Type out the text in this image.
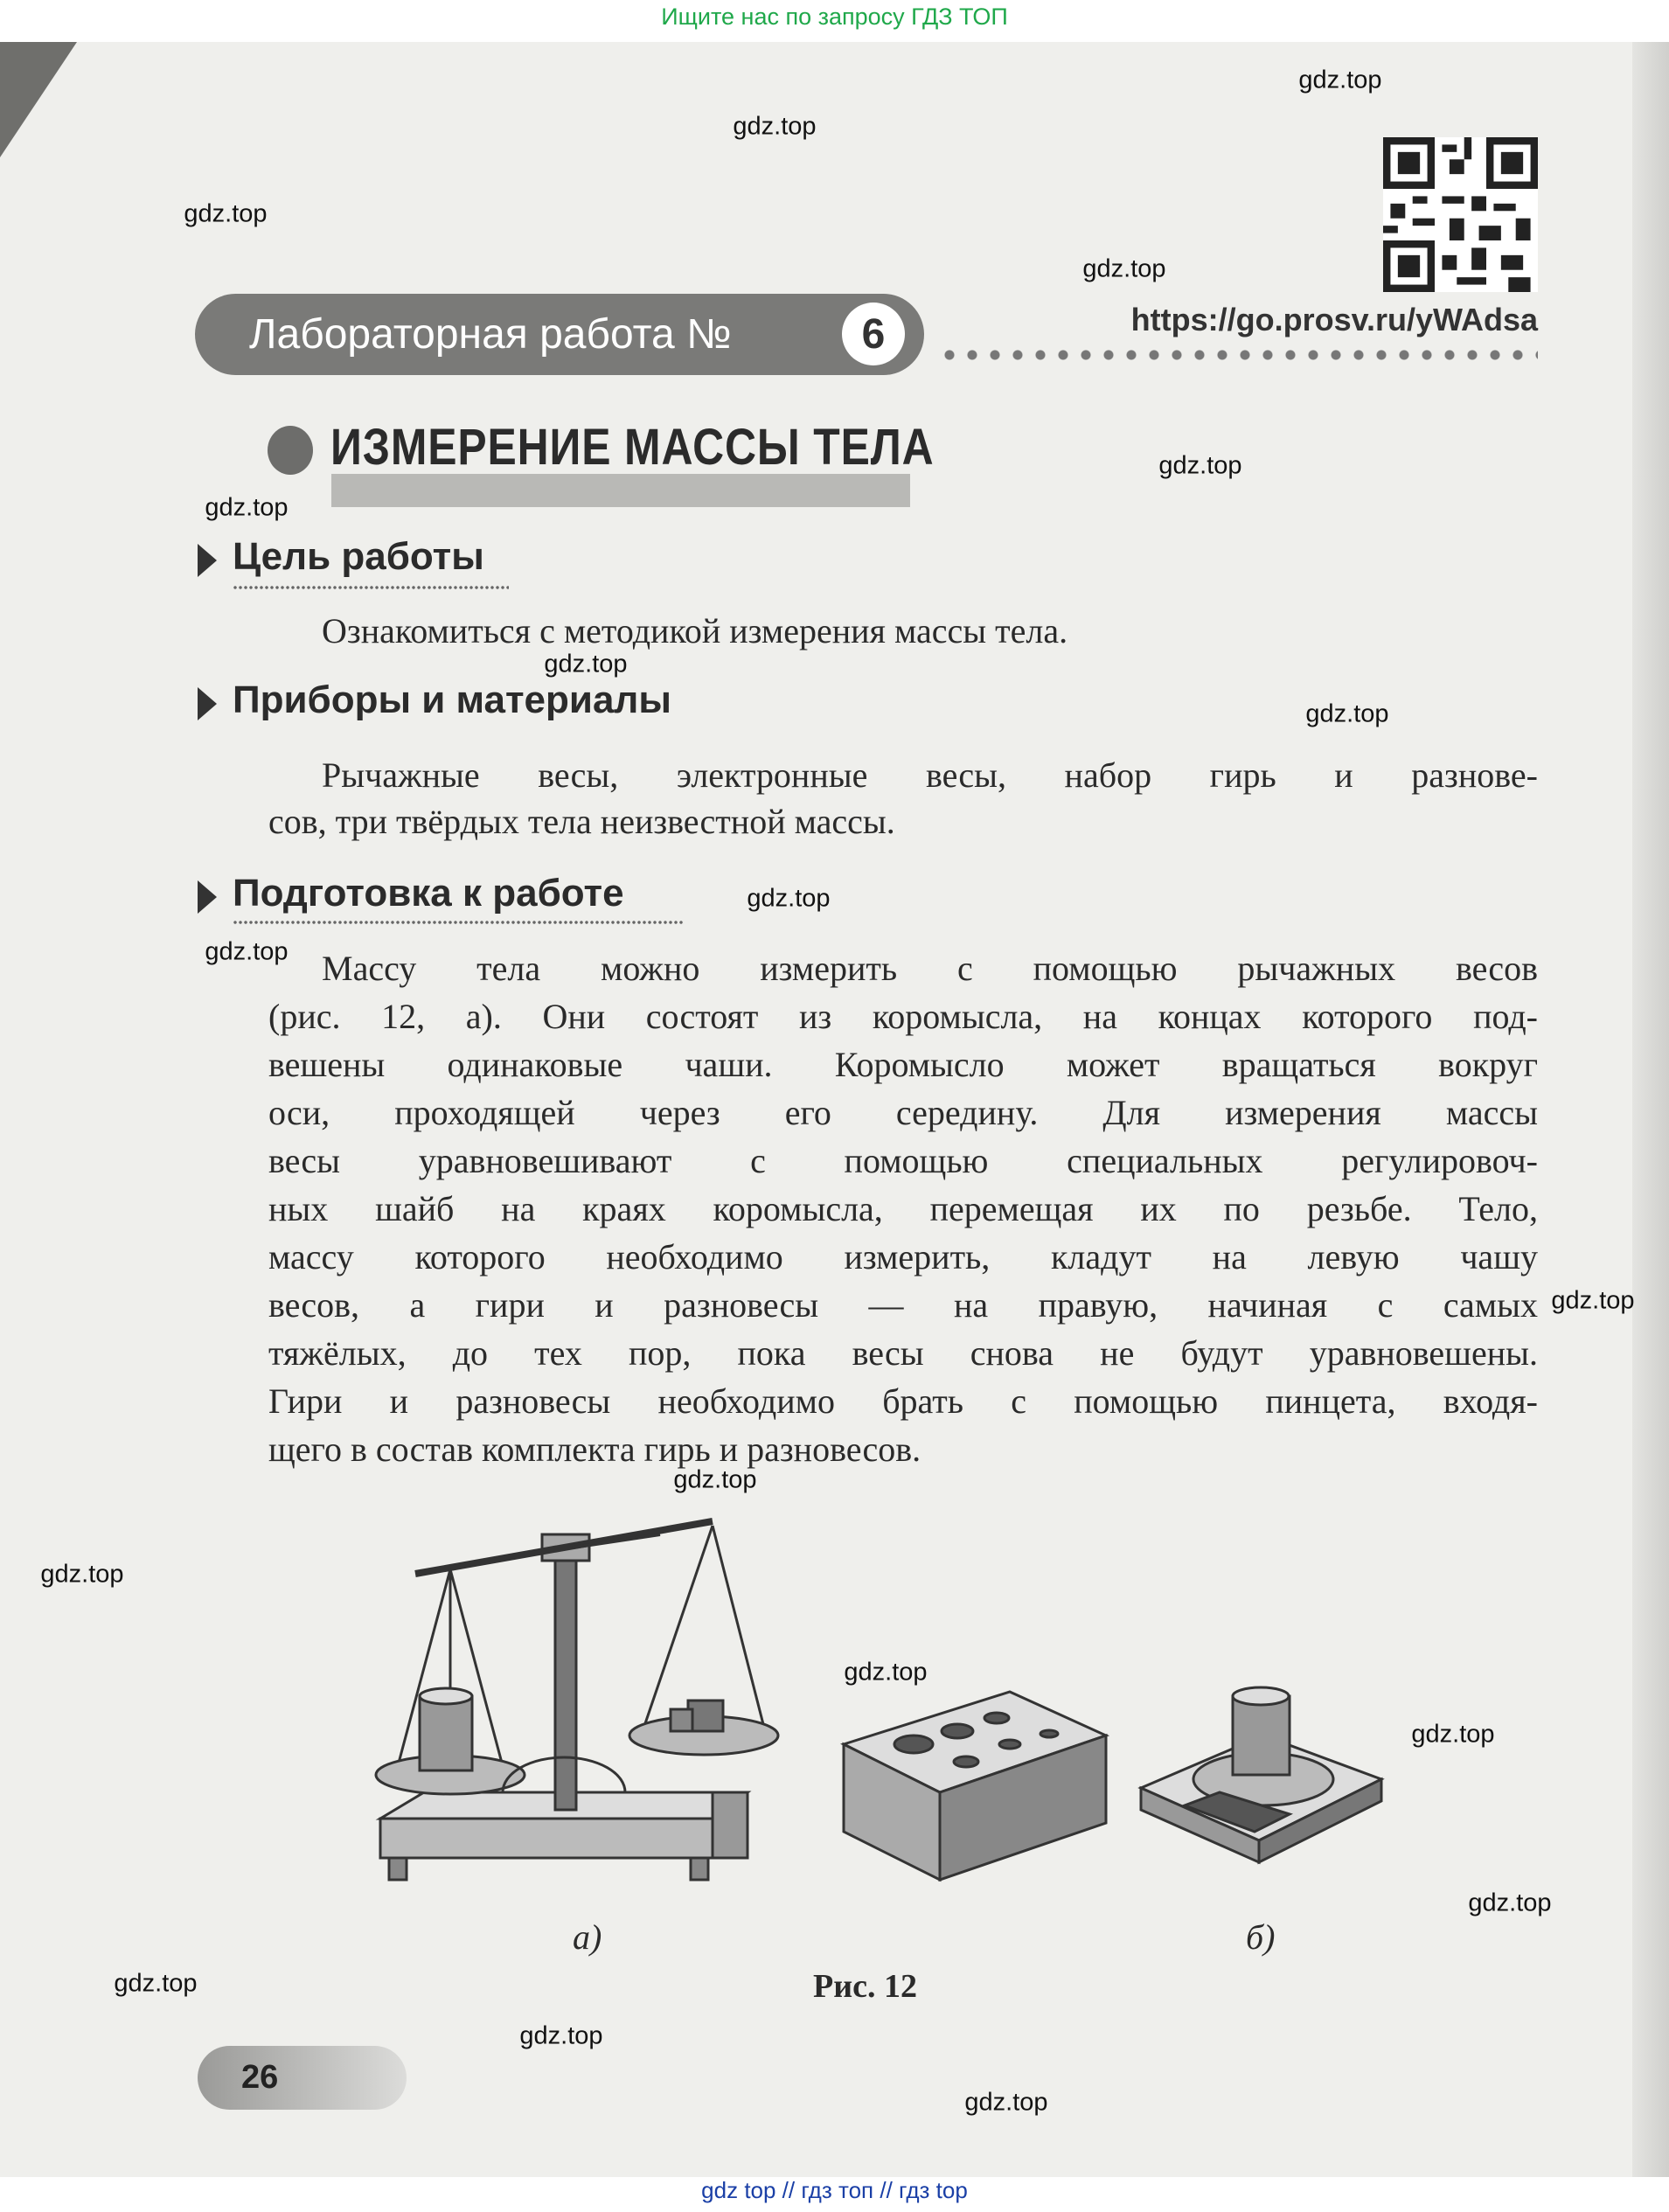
Ищите нас по запросу ГДЗ ТОП
Лабораторная работа №	6	https://go.prosv.ru/yWAdsa
ИЗМЕРЕНИЕ МАССЫ ТЕЛА
Цель работы
Ознакомиться с методикой измерения массы тела.
Приборы и материалы
Рычажные весы, электронные весы, набор гирь и разнове-
сов, три твёрдых тела неизвестной массы.
Подготовка к работе
Массу тела можно измерить с помощью рычажных весов
(рис. 12, а). Они состоят из коромысла, на концах которого под-
вешены одинаковые чаши. Коромысло может вращаться вокруг
оси, проходящей через его середину. Для измерения массы
весы уравновешивают с помощью специальных регулировоч-
ных шайб на краях коромысла, перемещая их по резьбе. Тело,
массу которого необходимо измерить, кладут на левую чашу
весов, а гири и разновесы — на правую, начиная с самых
тяжёлых, до тех пор, пока весы снова не будут уравновешены.
Гири и разновесы необходимо брать с помощью пинцета, входя-
щего в состав комплекта гирь и разновесов.
а)	б)
Рис. 12
26
gdz top // гдз топ // гдз top
gdz.top
gdz.top
gdz.top
gdz.top
gdz.top
gdz.top
gdz.top
gdz.top
gdz.top
gdz.top
gdz.top
gdz.top
gdz.top
gdz.top
gdz.top
gdz.top
gdz.top
gdz.top
gdz.top
